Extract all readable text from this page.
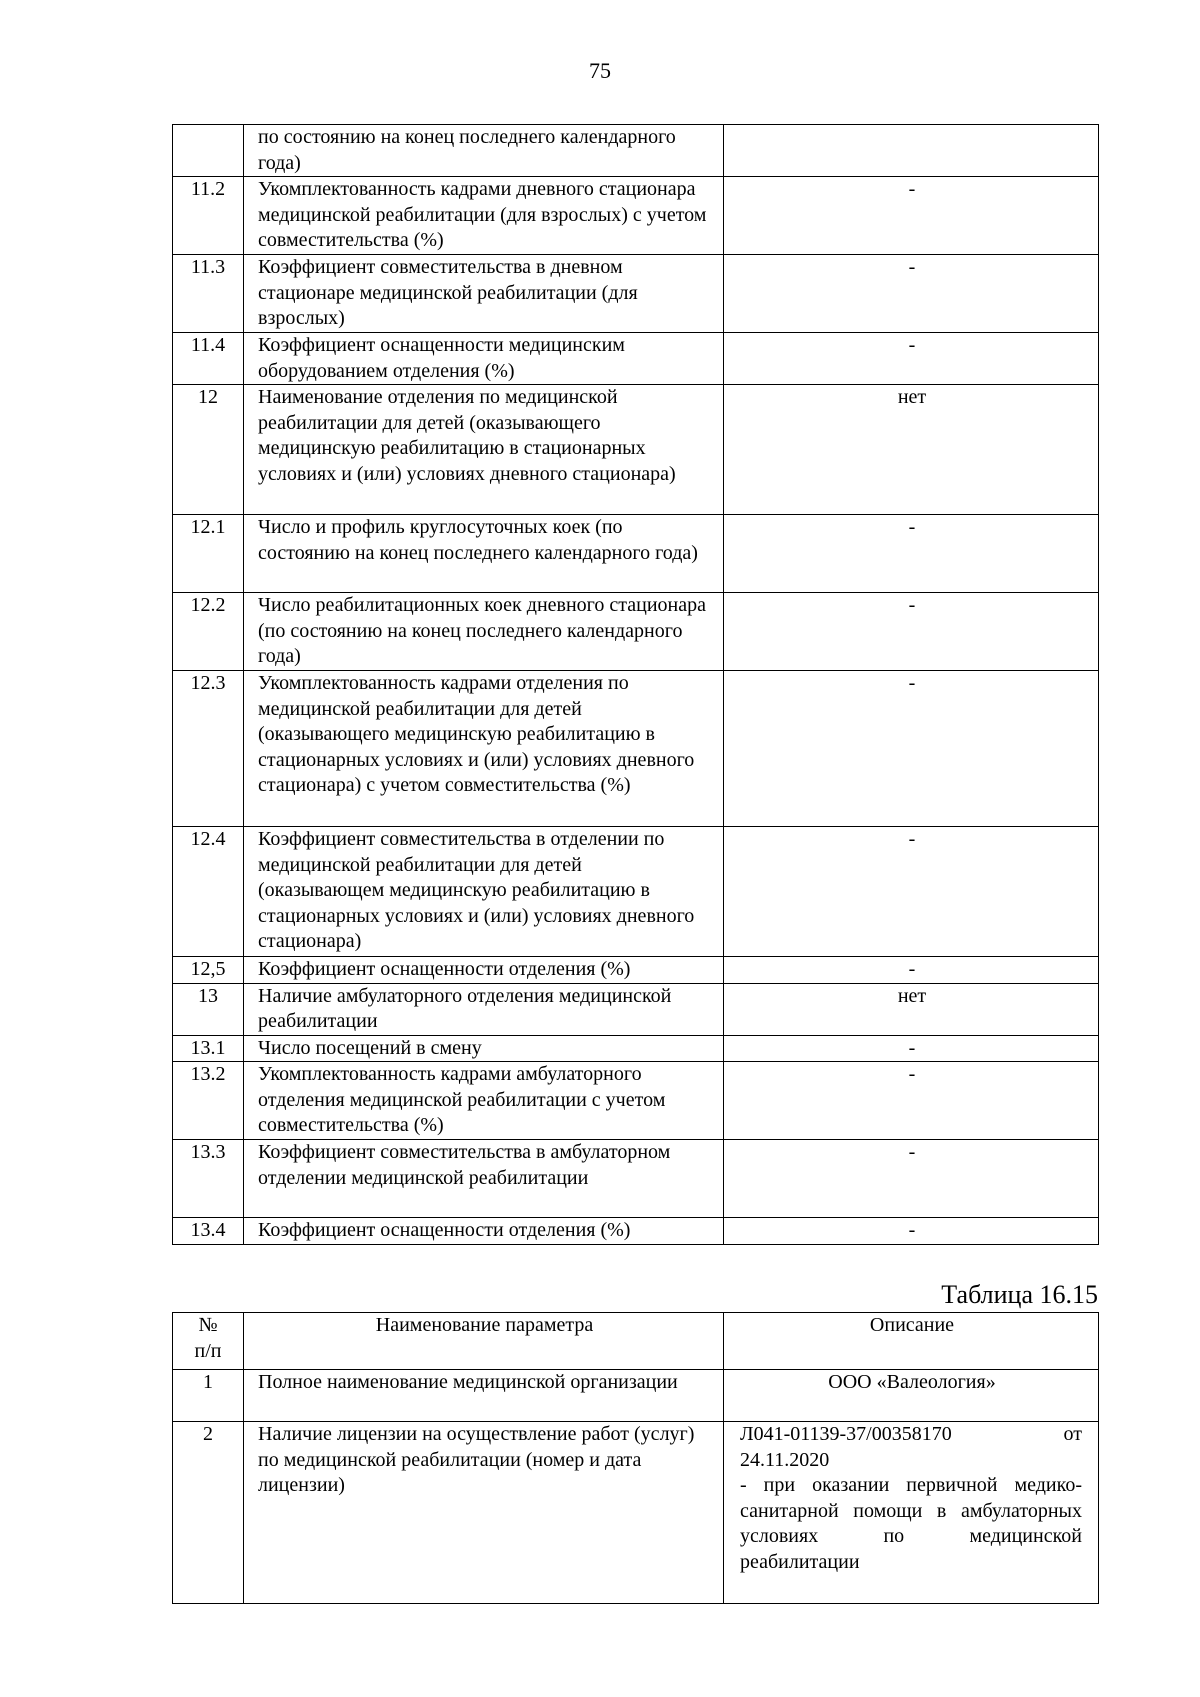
75
	по состоянию на конец последнего календарного года)	
11.2	Укомплектованность кадрами дневного стационара медицинской реабилитации (для взрослых) с учетом совместительства (%)	-
11.3	Коэффициент совместительства в дневном стационаре медицинской реабилитации (для взрослых)	-
11.4	Коэффициент оснащенности медицинским оборудованием отделения (%)	-
12	Наименование отделения по медицинской реабилитации для детей (оказывающего медицинскую реабилитацию в стационарных условиях и (или) условиях дневного стационара)	нет
12.1	Число и профиль круглосуточных коек (по состоянию на конец последнего календарного года)	-
12.2	Число реабилитационных коек дневного стационара (по состоянию на конец последнего календарного года)	-
12.3	Укомплектованность кадрами отделения по медицинской реабилитации для детей (оказывающего медицинскую реабилитацию в стационарных условиях и (или) условиях дневного стационара) с учетом совместительства (%)	-
12.4	Коэффициент совместительства в отделении по медицинской реабилитации для детей (оказывающем медицинскую реабилитацию в стационарных условиях и (или) условиях дневного стационара)	-
12,5	Коэффициент оснащенности отделения (%)	-
13	Наличие амбулаторного отделения медицинской реабилитации	нет
13.1	Число посещений в смену	-
13.2	Укомплектованность кадрами амбулаторного отделения медицинской реабилитации с учетом совместительства (%)	-
13.3	Коэффициент совместительства в амбулаторном отделении медицинской реабилитации	-
13.4	Коэффициент оснащенности отделения (%)	-
Таблица 16.15
№ п/п	Наименование параметра	Описание
1	Полное наименование медицинской организации	ООО «Валеология»
2	Наличие лицензии на осуществление работ (услуг) по медицинской реабилитации (номер и дата лицензии)	Л041-01139-37/00358170 от
24.11.2020
- при оказании первичной медико-санитарной помощи в амбулаторных условиях по медицинской реабилитации
